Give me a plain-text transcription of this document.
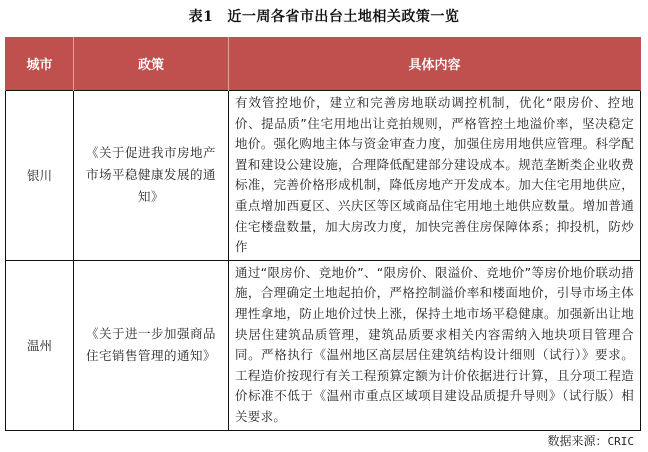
表1 近一周各省市出台土地相关政策一览
城市	政策	具体内容
银川	《关于促进我市房地产市场平稳健康发展的通知》	有效管控地价，建立和完善房地联动调控机制，优化“限房价、控地价、提品质”住宅用地出让竞拍规则，严格管控土地溢价率，坚决稳定地价。强化购地主体与资金审查力度，加强住房用地供应管理。科学配置和建设公建设施，合理降低配建部分建设成本。规范垄断类企业收费标准，完善价格形成机制，降低房地产开发成本。加大住宅用地供应，重点增加西夏区、兴庆区等区域商品住宅用地土地供应数量。增加普通住宅楼盘数量，加大房改力度，加快完善住房保障体系；抑投机，防炒作
温州	《关于进一步加强商品住宅销售管理的通知》	通过“限房价、竞地价”、“限房价、限溢价、竞地价”等房价地价联动措施，合理确定土地起拍价，严格控制溢价率和楼面地价，引导市场主体理性拿地，防止地价过快上涨，保持土地市场平稳健康。加强新出让地块居住建筑品质管理，建筑品质要求相关内容需纳入地块项目管理合同。严格执行《温州地区高层居住建筑结构设计细则（试行）》要求。工程造价按现行有关工程预算定额为计价依据进行计算，且分项工程造价标准不低于《温州市重点区域项目建设品质提升导则》（试行版）相关要求。
数据来源：CRIC
